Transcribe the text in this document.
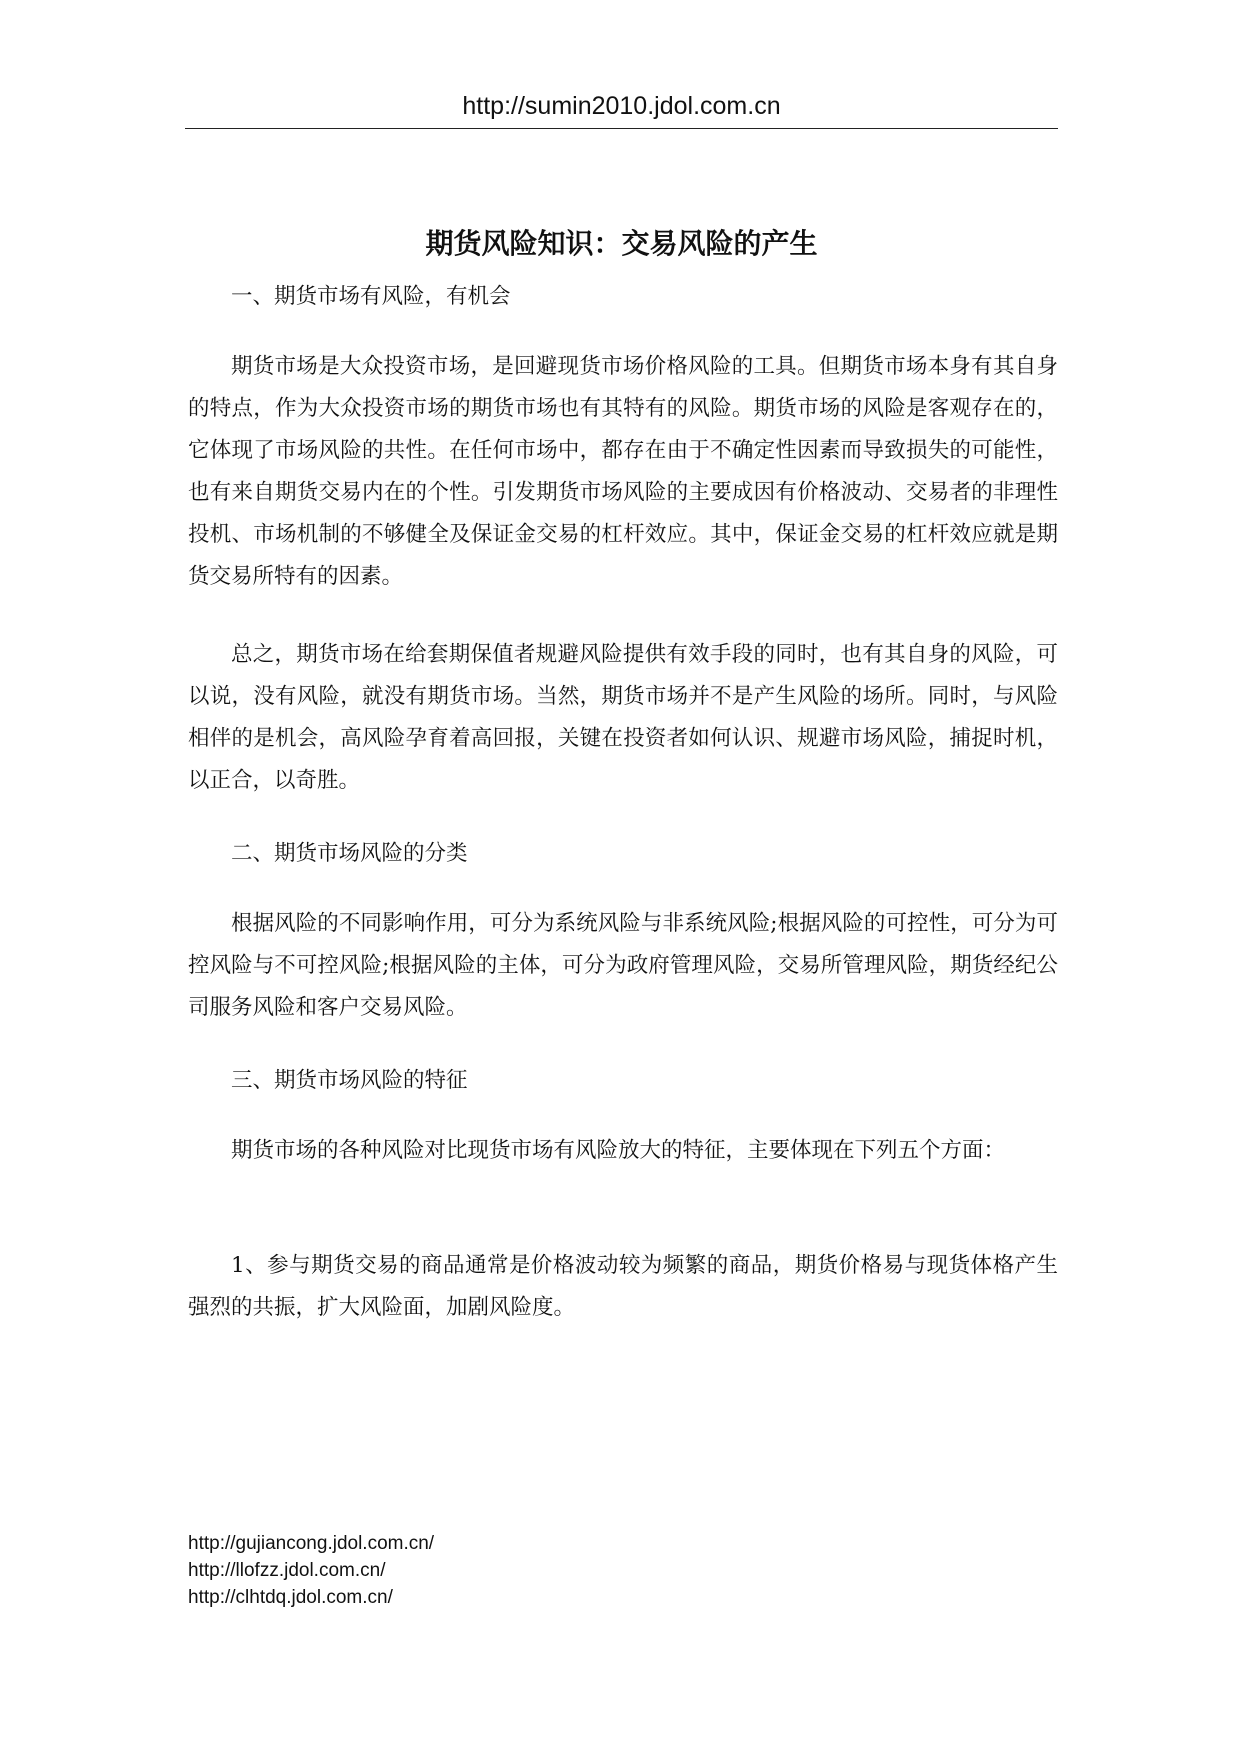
http://sumin2010.jdol.com.cn
期货风险知识：交易风险的产生

一、期货市场有风险，有机会

期货市场是大众投资市场，是回避现货市场价格风险的工具。但期货市场本身有其自身的特点，作为大众投资市场的期货市场也有其特有的风险。期货市场的风险是客观存在的，它体现了市场风险的共性。在任何市场中，都存在由于不确定性因素而导致损失的可能性，也有来自期货交易内在的个性。引发期货市场风险的主要成因有价格波动、交易者的非理性投机、市场机制的不够健全及保证金交易的杠杆效应。其中，保证金交易的杠杆效应就是期货交易所特有的因素。

总之，期货市场在给套期保值者规避风险提供有效手段的同时，也有其自身的风险，可以说，没有风险，就没有期货市场。当然，期货市场并不是产生风险的场所。同时，与风险相伴的是机会，高风险孕育着高回报，关键在投资者如何认识、规避市场风险，捕捉时机，以正合，以奇胜。

二、期货市场风险的分类

根据风险的不同影响作用，可分为系统风险与非系统风险;根据风险的可控性，可分为可控风险与不可控风险;根据风险的主体，可分为政府管理风险，交易所管理风险，期货经纪公司服务风险和客户交易风险。

三、期货市场风险的特征

期货市场的各种风险对比现货市场有风险放大的特征，主要体现在下列五个方面：

1、参与期货交易的商品通常是价格波动较为频繁的商品，期货价格易与现货体格产生强烈的共振，扩大风险面，加剧风险度。

http://gujiancong.jdol.com.cn/
http://llofzz.jdol.com.cn/
http://clhtdq.jdol.com.cn/
